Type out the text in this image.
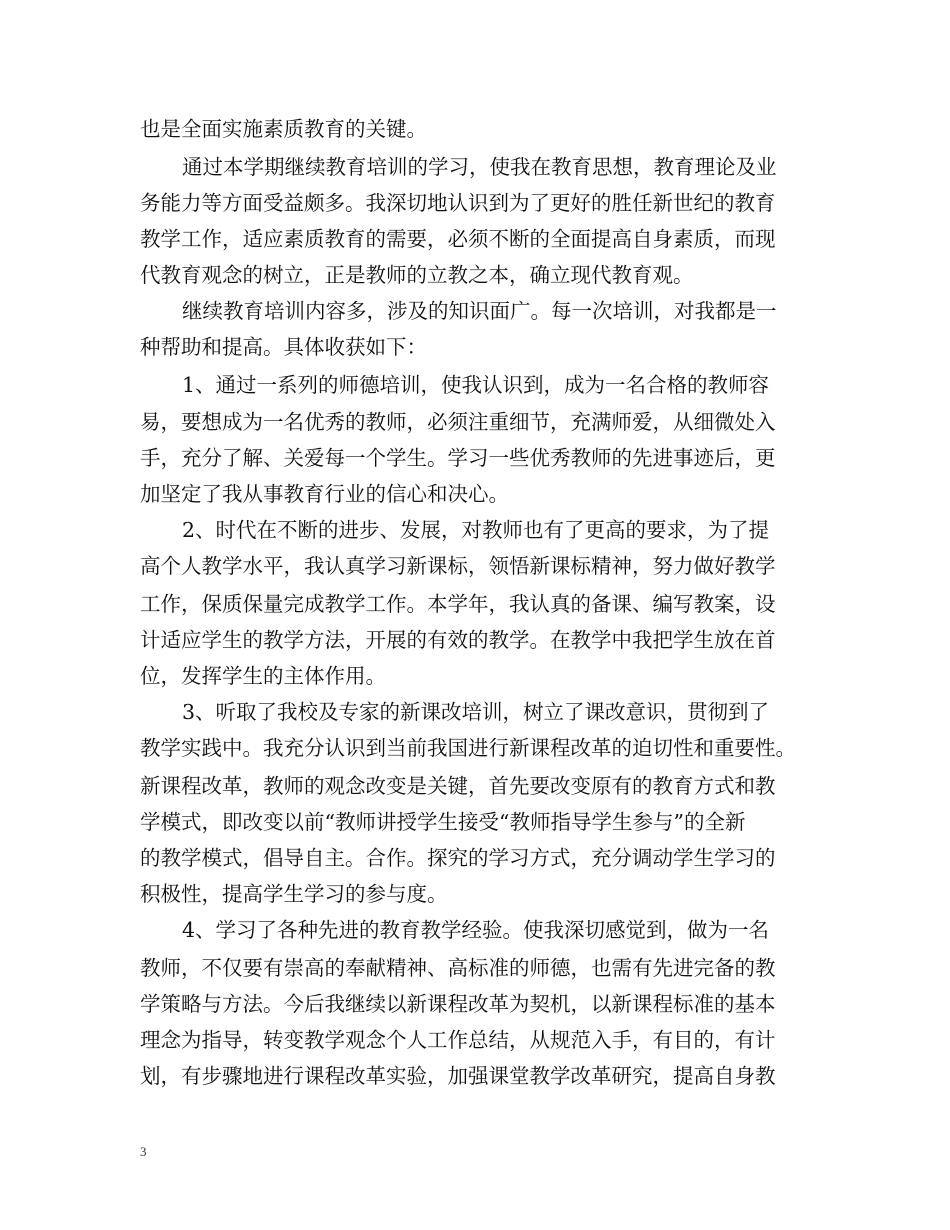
也是全面实施素质教育的关键。
通过本学期继续教育培训的学习，使我在教育思想，教育理论及业
务能力等方面受益颇多。我深切地认识到为了更好的胜任新世纪的教育
教学工作，适应素质教育的需要，必须不断的全面提高自身素质，而现
代教育观念的树立，正是教师的立教之本，确立现代教育观。
继续教育培训内容多，涉及的知识面广。每一次培训，对我都是一
种帮助和提高。具体收获如下：
1、通过一系列的师德培训，使我认识到，成为一名合格的教师容
易，要想成为一名优秀的教师，必须注重细节，充满师爱，从细微处入
手，充分了解、关爱每一个学生。学习一些优秀教师的先进事迹后，更
加坚定了我从事教育行业的信心和决心。
2、时代在不断的进步、发展，对教师也有了更高的要求，为了提
高个人教学水平，我认真学习新课标，领悟新课标精神，努力做好教学
工作，保质保量完成教学工作。本学年，我认真的备课、编写教案，设
计适应学生的教学方法，开展的有效的教学。在教学中我把学生放在首
位，发挥学生的主体作用。
3、听取了我校及专家的新课改培训，树立了课改意识，贯彻到了
教学实践中。我充分认识到当前我国进行新课程改革的迫切性和重要性。
新课程改革，教师的观念改变是关键，首先要改变原有的教育方式和教
学模式，即改变以前“教师讲授学生接受“教师指导学生参与”的全新
的教学模式，倡导自主。合作。探究的学习方式，充分调动学生学习的
积极性，提高学生学习的参与度。
4、学习了各种先进的教育教学经验。使我深切感觉到，做为一名
教师，不仅要有崇高的奉献精神、高标准的师德，也需有先进完备的教
学策略与方法。今后我继续以新课程改革为契机，以新课程标准的基本
理念为指导，转变教学观念个人工作总结，从规范入手，有目的，有计
划，有步骤地进行课程改革实验，加强课堂教学改革研究，提高自身教
3
